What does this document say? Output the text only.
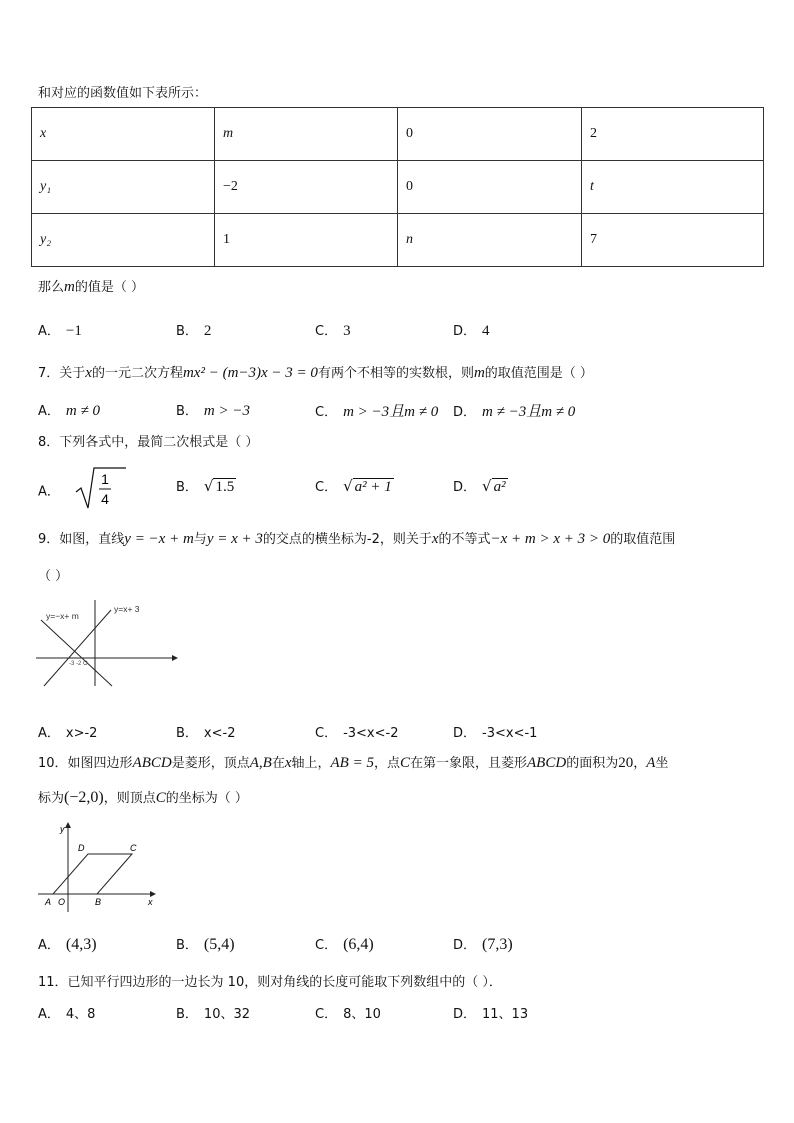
和对应的函数值如下表所示：
x	m	0	2
y₁	−2	0	t
y₂	1	n	7
那么m的值是（ ）
A． −1	B． 2	C． 3	D． 4
7．关于x的一元二次方程mx² − (m−3)x − 3 = 0有两个不相等的实数根，则m的取值范围是（ ）
A． m ≠ 0	B． m > −3	C． m > −3且m ≠ 0 D． m ≠ −3且m ≠ 0
8．下列各式中，最简二次根式是（ ）
A．
1
4
B． √ 1.5	C． √ a² + 1	D． √ a²
9．如图，直线y = −x + m与y = x + 3的交点的横坐标为-2，则关于x的不等式−x + m > x + 3 > 0的取值范围
（ ）
y=−x+ m
y=x+ 3
-3 -2 O
A． x>-2	B． x<-2	C． -3<x<-2	D． -3<x<-1
10．如图四边形ABCD是菱形，顶点A,B在x轴上，AB = 5，点C在第一象限，且菱形ABCD的面积为20，A坐
标为(−2,0)，则顶点C的坐标为（ ）
y
D	C
A O	B	x
A． (4,3)	B． (5,4)	C． (6,4)	D． (7,3)
11．已知平行四边形的一边长为 10，则对角线的长度可能取下列数组中的（ ）．
A． 4、8	B． 10、32	C． 8、10	D． 11、13
